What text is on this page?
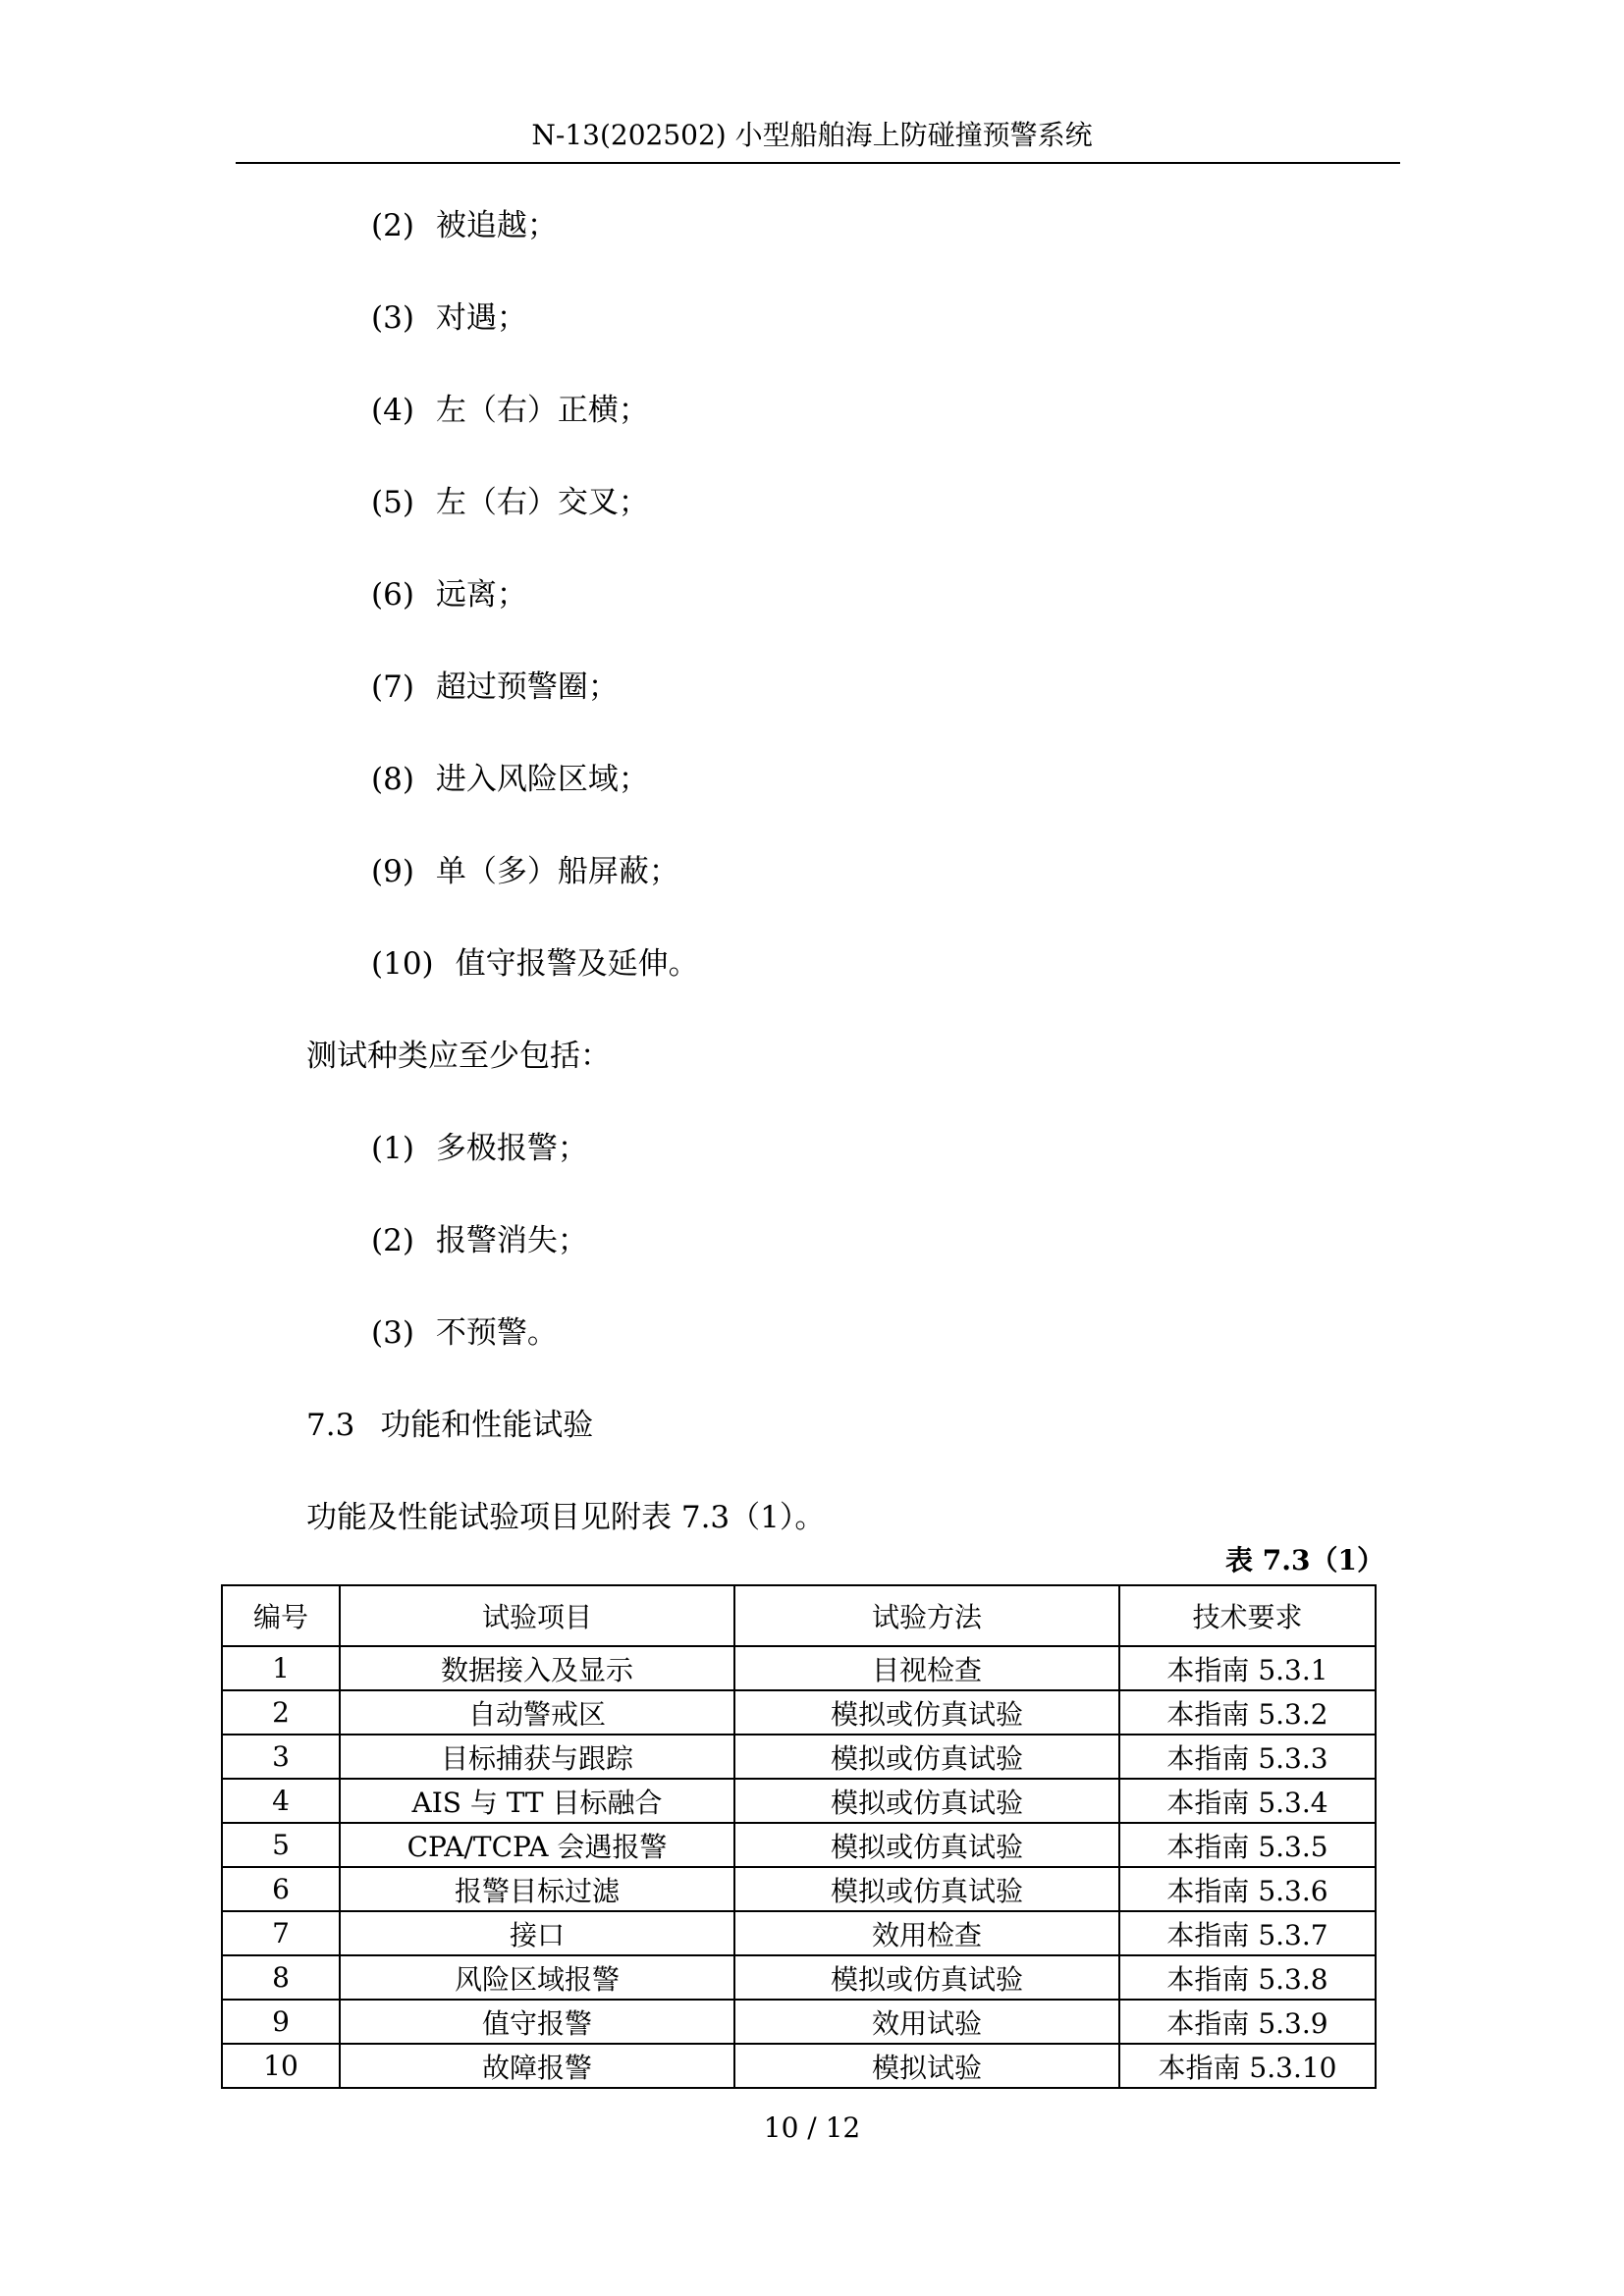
N-13(202502) 小型船舶海上防碰撞预警系统
(2) 被追越；
(3) 对遇；
(4) 左（右）正横；
(5) 左（右）交叉；
(6) 远离；
(7) 超过预警圈；
(8) 进入风险区域；
(9) 单（多）船屏蔽；
(10) 值守报警及延伸。
测试种类应至少包括：
(1) 多极报警；
(2) 报警消失；
(3) 不预警。
7.3 功能和性能试验
功能及性能试验项目见附表 7.3（1）。
表 7.3（1）
编号	试验项目	试验方法	技术要求
1	数据接入及显示	目视检查	本指南 5.3.1
2	自动警戒区	模拟或仿真试验	本指南 5.3.2
3	目标捕获与跟踪	模拟或仿真试验	本指南 5.3.3
4	AIS 与 TT 目标融合	模拟或仿真试验	本指南 5.3.4
5	CPA/TCPA 会遇报警	模拟或仿真试验	本指南 5.3.5
6	报警目标过滤	模拟或仿真试验	本指南 5.3.6
7	接口	效用检查	本指南 5.3.7
8	风险区域报警	模拟或仿真试验	本指南 5.3.8
9	值守报警	效用试验	本指南 5.3.9
10	故障报警	模拟试验	本指南 5.3.10
10 / 12
